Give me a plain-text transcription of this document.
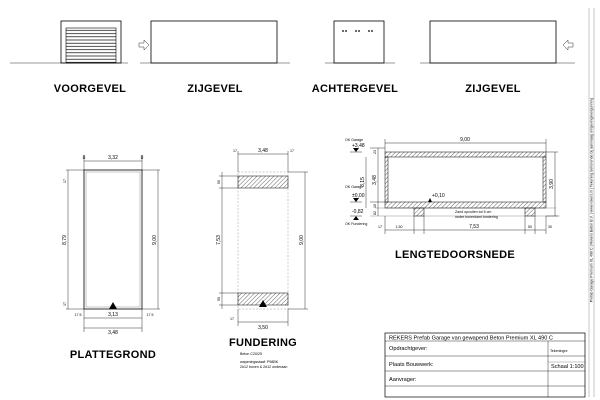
VOORGEVEL	ZIJGEVEL	ACHTERGEVEL	ZIJGEVEL
3,32
8	8
8,79	9,00
17
17
3,13
3,48
17.5	17.5
PLATTEGROND
3,48
17	17
50
7,53
50
9,00
3,50
17
FUNDERING
Beton C20/25
wapeningsstaaf: P98BK
2#12 boven & 2#12 onderaan
9,00
OK Garage
+3,48
OK Garage
±0,00
-0,82
OK Fundering
+0,10
Zand opvullen tot 5 cm
onder bovenkant fundering
23
3,48
3,15
10
82
3,90
17	1,50	7,53	50	30
LENGTEDOORSNEDE
REKERS Prefab Garage van gewapend Beton Premium XL 490 C
Opdrachtgever:
Plaats Bouwwerk:
Aanvrager:
Schaal 1:100
Tekeningnr.
Prefab Garage Premium XL 490 C | Rekers Beton B.V. | www.rekers.nl | Tekening behorende bij aanvraag omgevingsvergunning
